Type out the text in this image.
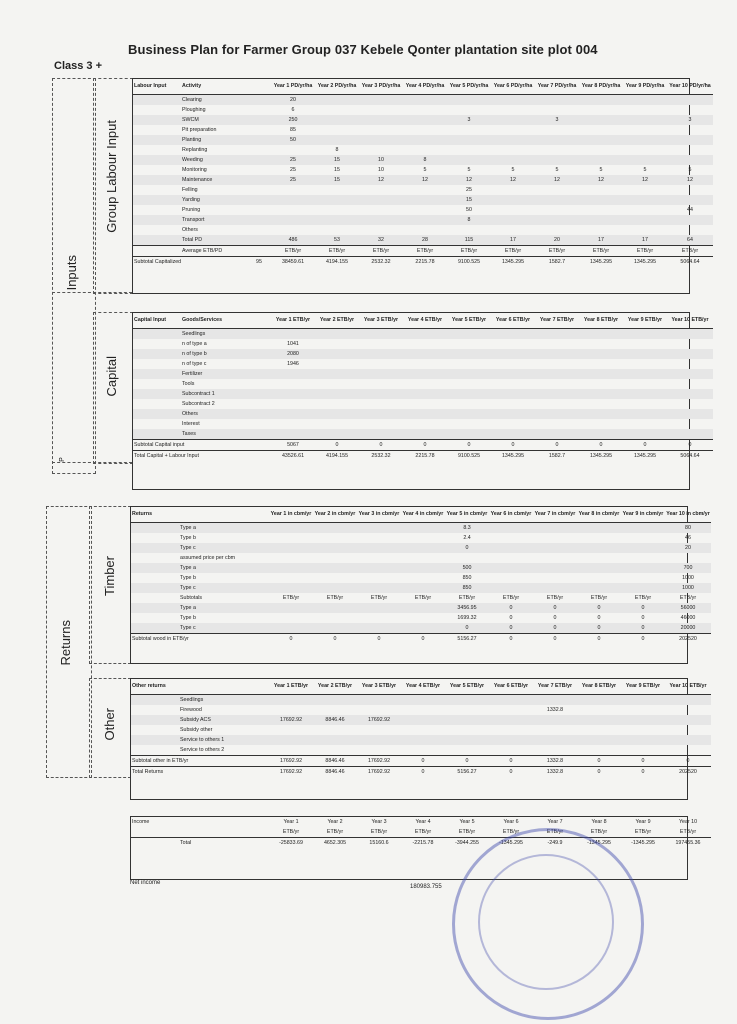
Business Plan for Farmer Group 037 Kebele Qonter plantation site plot 004
Class 3 +
Inputs
Group Labour Input
Capital
Returns
Timber
Other
P
Labour Input	Activity		Year 1 PD/yr/ha	Year 2 PD/yr/ha	Year 3 PD/yr/ha	Year 4 PD/yr/ha	Year 5 PD/yr/ha	Year 6 PD/yr/ha	Year 7 PD/yr/ha	Year 8 PD/yr/ha	Year 9 PD/yr/ha	Year 10 PD/yr/ha
	Clearing		20									
	Ploughing		6									
	SWCM		250				3		3			3
	Pit preparation		85									
	Planting		50									
	Replanting			8								
	Weeding		25	15	10	8						
	Monitoring		25	15	10	5	5	5	5	5	5	5
	Maintenance		25	15	12	12	12	12	12	12	12	12
	Felling						25					
	Yarding						15					
	Pruning						50					44
	Transport						8					
	Others											
	Total PD		486	53	32	28	115	17	20	17	17	64
	Average ETB/PD		ETB/yr	ETB/yr	ETB/yr	ETB/yr	ETB/yr	ETB/yr	ETB/yr	ETB/yr	ETB/yr	ETB/yr
Subtotal Capitalized		95	38459.61	4194.155	2532.32	2215.78	9100.525	1345.295	1582.7	1345.295	1345.295	5064.64
Capital Input	Goods/Services		Year 1 ETB/yr	Year 2 ETB/yr	Year 3 ETB/yr	Year 4 ETB/yr	Year 5 ETB/yr	Year 6 ETB/yr	Year 7 ETB/yr	Year 8 ETB/yr	Year 9 ETB/yr	Year 10 ETB/yr
	Seedlings											
	n of type a		1041									
	n of type b		2080									
	n of type c		1946									
	Fertilizer											
	Tools											
	Subcontract 1											
	Subcontract 2											
	Others											
	Interest											
	Taxes											
Subtotal Capital input			5067	0	0	0	0	0	0	0	0	0
Total Capital + Labour Input			43526.61	4194.155	2532.32	2215.78	9100.525	1345.295	1582.7	1345.295	1345.295	5064.64
Returns			Year 1 in cbm/yr	Year 2 in cbm/yr	Year 3 in cbm/yr	Year 4 in cbm/yr	Year 5 in cbm/yr	Year 6 in cbm/yr	Year 7 in cbm/yr	Year 8 in cbm/yr	Year 9 in cbm/yr	Year 10 in cbm/yr
	Type a						8.3					80
	Type b						2.4					46
	Type c						0					20
	assumed price per cbm											
	Type a						500					700
	Type b						850					1000
	Type c						850					1000
	Subtotals		ETB/yr	ETB/yr	ETB/yr	ETB/yr	ETB/yr	ETB/yr	ETB/yr	ETB/yr	ETB/yr	ETB/yr
	Type a						3456.95	0	0	0	0	56000
	Type b						1699.32	0	0	0	0	46000
	Type c						0	0	0	0	0	20000
Subtotal wood in ETB/yr			0	0	0	0	5156.27	0	0	0	0	202520
Other returns			Year 1 ETB/yr	Year 2 ETB/yr	Year 3 ETB/yr	Year 4 ETB/yr	Year 5 ETB/yr	Year 6 ETB/yr	Year 7 ETB/yr	Year 8 ETB/yr	Year 9 ETB/yr	Year 10 ETB/yr
	Seedlings											
	Firewood								1332.8			
	Subsidy ACS		17692.92	8846.46	17692.92							
	Subsidy other											
	Service to others 1											
	Service to others 2											
Subtotal other in ETB/yr			17692.92	8846.46	17692.92	0	0	0	1332.8	0	0	0
Total Returns			17692.92	8846.46	17692.92	0	5156.27	0	1332.8	0	0	202520
Income			Year 1	Year 2	Year 3	Year 4	Year 5	Year 6	Year 7	Year 8	Year 9	Year 10
			ETB/yr	ETB/yr	ETB/yr	ETB/yr	ETB/yr	ETB/yr	ETB/yr	ETB/yr	ETB/yr	ETB/yr
	Total		-25833.69	4652.305	15160.6	-2215.78	-3944.255	-1345.295	-249.9	-1345.295	-1345.295	197455.36
Net income
180983.755
